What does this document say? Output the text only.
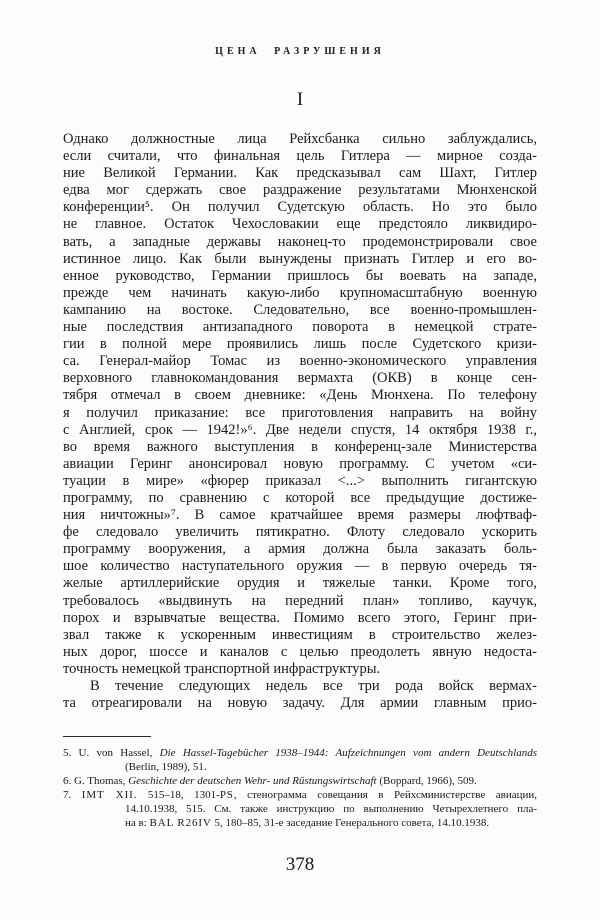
ЦЕНА РАЗРУШЕНИЯ
I
Однако должностные лица Рейхсбанка сильно заблуждались,
если считали, что финальная цель Гитлера — мирное созда-
ние Великой Германии. Как предсказывал сам Шахт, Гитлер
едва мог сдержать свое раздражение результатами Мюнхенской
конференции⁵. Он получил Судетскую область. Но это было
не главное. Остаток Чехословакии еще предстояло ликвидиро-
вать, а западные державы наконец-то продемонстрировали свое
истинное лицо. Как были вынуждены признать Гитлер и его во-
енное руководство, Германии пришлось бы воевать на западе,
прежде чем начинать какую-либо крупномасштабную военную
кампанию на востоке. Следовательно, все военно-промышлен-
ные последствия антизападного поворота в немецкой страте-
гии в полной мере проявились лишь после Судетского кризи-
са. Генерал-майор Томас из военно-экономического управления
верховного главнокомандования вермахта (ОКВ) в конце сен-
тября отмечал в своем дневнике: «День Мюнхена. По телефону
я получил приказание: все приготовления направить на войну
с Англией, срок — 1942!»⁶. Две недели спустя, 14 октября 1938 г.,
во время важного выступления в конференц-зале Министерства
авиации Геринг анонсировал новую программу. С учетом «си-
туации в мире» «фюрер приказал <...> выполнить гигантскую
программу, по сравнению с которой все предыдущие достиже-
ния ничтожны»⁷. В самое кратчайшее время размеры люфтваф-
фе следовало увеличить пятикратно. Флоту следовало ускорить
программу вооружения, а армия должна была заказать боль-
шое количество наступательного оружия — в первую очередь тя-
желые артиллерийские орудия и тяжелые танки. Кроме того,
требовалось «выдвинуть на передний план» топливо, каучук,
порох и взрывчатые вещества. Помимо всего этого, Геринг при-
звал также к ускоренным инвестициям в строительство желез-
ных дорог, шоссе и каналов с целью преодолеть явную недоста-
точность немецкой транспортной инфраструктуры.
В течение следующих недель все три рода войск вермах-
та отреагировали на новую задачу. Для армии главным прио-
5. U. von Hassel, Die Hassel-Tagebücher 1938–1944: Aufzeichnungen vom andern Deutschlands
(Berlin, 1989), 51.
6. G. Thomas, Geschichte der deutschen Wehr- und Rüstungswirtschaft (Boppard, 1966), 509.
7. IMT XII. 515–18, 1301-PS, стенограмма совещания в Рейхсминистерстве авиации,
14.10.1938, 515. См. также инструкцию по выполнению Четырехлетнего пла-
на в: BAL R26IV 5, 180–85, 31-е заседание Генерального совета, 14.10.1938.
378
